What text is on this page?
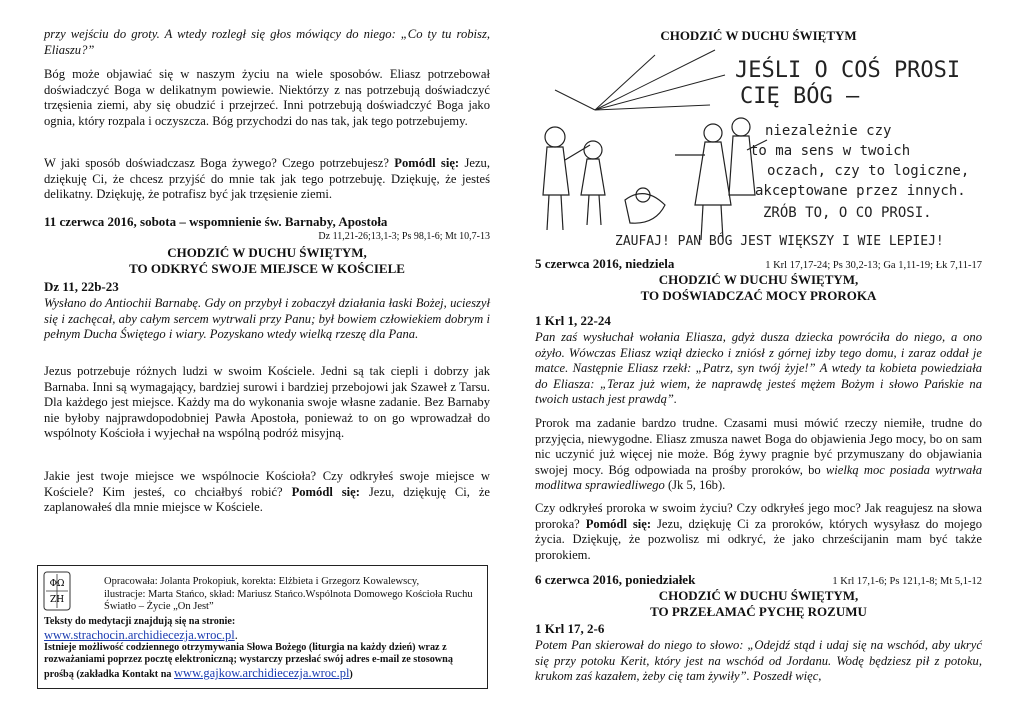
przy wejściu do groty. A wtedy rozległ się głos mówiący do niego: „Co ty tu robisz, Eliaszu?”

Bóg może objawiać się w naszym życiu na wiele sposobów. Eliasz potrzebował doświadczyć Boga w delikatnym powiewie. Niektórzy z nas potrzebują doświadczyć trzęsienia ziemi, aby się obudzić i przejrzeć. Inni potrzebują doświadczyć Boga jako ognia, który rozpala i oczyszcza. Bóg przychodzi do nas tak, jak tego potrzebujemy.

W jaki sposób doświadczasz Boga żywego? Czego potrzebujesz? Pomódl się: Jezu, dziękuję Ci, że chcesz przyjść do mnie tak jak tego potrzebuję. Dziękuję, że jesteś delikatny. Dziękuję, że potrafisz być jak trzęsienie ziemi.

11 czerwca 2016, sobota – wspomnienie św. Barnaby, Apostoła
Dz 11,21-26;13,1-3; Ps 98,1-6; Mt 10,7-13
CHODZIĆ W DUCHU ŚWIĘTYM,
TO ODKRYĆ SWOJE MIEJSCE W KOŚCIELE
Dz 11, 22b-23

Wysłano do Antiochii Barnabę. Gdy on przybył i zobaczył działania łaski Bożej, ucieszył się i zachęcał, aby całym sercem wytrwali przy Panu; był bowiem człowiekiem dobrym i pełnym Ducha Świętego i wiary. Pozyskano wtedy wielką rzeszę dla Pana.

Jezus potrzebuje różnych ludzi w swoim Kościele. Jedni są tak ciepli i dobrzy jak Barnaba. Inni są wymagający, bardziej surowi i bardziej przebojowi jak Szaweł z Tarsu. Dla każdego jest miejsce. Każdy ma do wykonania swoje własne zadanie. Bez Barnaby nie byłoby najprawdopodobniej Pawła Apostoła, ponieważ to on go wprowadzał do wspólnoty Kościoła i wyjechał na wspólną podróż misyjną.

Jakie jest twoje miejsce we wspólnocie Kościoła? Czy odkryłeś swoje miejsce w Kościele? Kim jesteś, co chciałbyś robić? Pomódl się: Jezu, dziękuję Ci, że zaplanowałeś dla mnie miejsce w Kościele.

ΦΩ
ΖΗ
Opracowała: Jolanta Prokopiuk, korekta: Elżbieta i Grzegorz Kowalewscy,
ilustracje: Marta Stańco, skład: Mariusz Stańco.Wspólnota Domowego Kościoła Ruchu Światło – Życie „On Jest”
Teksty do medytacji znajdują się na stronie:
www.strachocin.archidiecezja.wroc.pl.
Istnieje możliwość codziennego otrzymywania Słowa Bożego (liturgia na każdy dzień) wraz z rozważaniami poprzez pocztę elektroniczną; wystarczy przesłać swój adres e-mail ze stosowną prośbą (zakładka Kontakt na www.gajkow.archidiecezja.wroc.pl)
CHODZIĆ W DUCHU ŚWIĘTYM
JEŚLI O COŚ PROSI
CIĘ BÓG –
niezależnie czy
to ma sens w twoich
oczach, czy to logiczne,
akceptowane przez innych.
ZRÓB TO, O CO PROSI.
ZAUFAJ! PAN BÓG JEST WIĘKSZY I WIE LEPIEJ!
5 czerwca 2016, niedziela	1 Krl 17,17-24; Ps 30,2-13; Ga 1,11-19; Łk 7,11-17
CHODZIĆ W DUCHU ŚWIĘTYM,
TO DOŚWIADCZAĆ MOCY PROROKA
1 Krl 1, 22-24

Pan zaś wysłuchał wołania Eliasza, gdyż dusza dziecka powróciła do niego, a ono ożyło. Wówczas Eliasz wziął dziecko i zniósł z górnej izby tego domu, i zaraz oddał je matce. Następnie Eliasz rzekł: „Patrz, syn twój żyje!” A wtedy ta kobieta powiedziała do Eliasza: „Teraz już wiem, że naprawdę jesteś mężem Bożym i słowo Pańskie na twoich ustach jest prawdą”.

Prorok ma zadanie bardzo trudne. Czasami musi mówić rzeczy niemiłe, trudne do przyjęcia, niewygodne. Eliasz zmusza nawet Boga do objawienia Jego mocy, bo on sam nic uczynić już więcej nie może. Bóg żywy pragnie być przymuszany do objawiania swojej mocy. Bóg odpowiada na prośby proroków, bo wielką moc posiada wytrwała modlitwa sprawiedliwego (Jk 5, 16b).

Czy odkryłeś proroka w swoim życiu? Czy odkryłeś jego moc? Jak reagujesz na słowa proroka? Pomódl się: Jezu, dziękuję Ci za proroków, których wysyłasz do mojego życia. Dziękuję, że pozwolisz mi odkryć, że jako chrześcijanin mam być także prorokiem.

6 czerwca 2016, poniedziałek	1 Krl 17,1-6; Ps 121,1-8; Mt 5,1-12
CHODZIĆ W DUCHU ŚWIĘTYM,
TO PRZEŁAMAĆ PYCHĘ ROZUMU
1 Krl 17, 2-6

Potem Pan skierował do niego to słowo: „Odejdź stąd i udaj się na wschód, aby ukryć się przy potoku Kerit, który jest na wschód od Jordanu. Wodę będziesz pił z potoku, krukom zaś kazałem, żeby cię tam żywiły”. Poszedł więc,
